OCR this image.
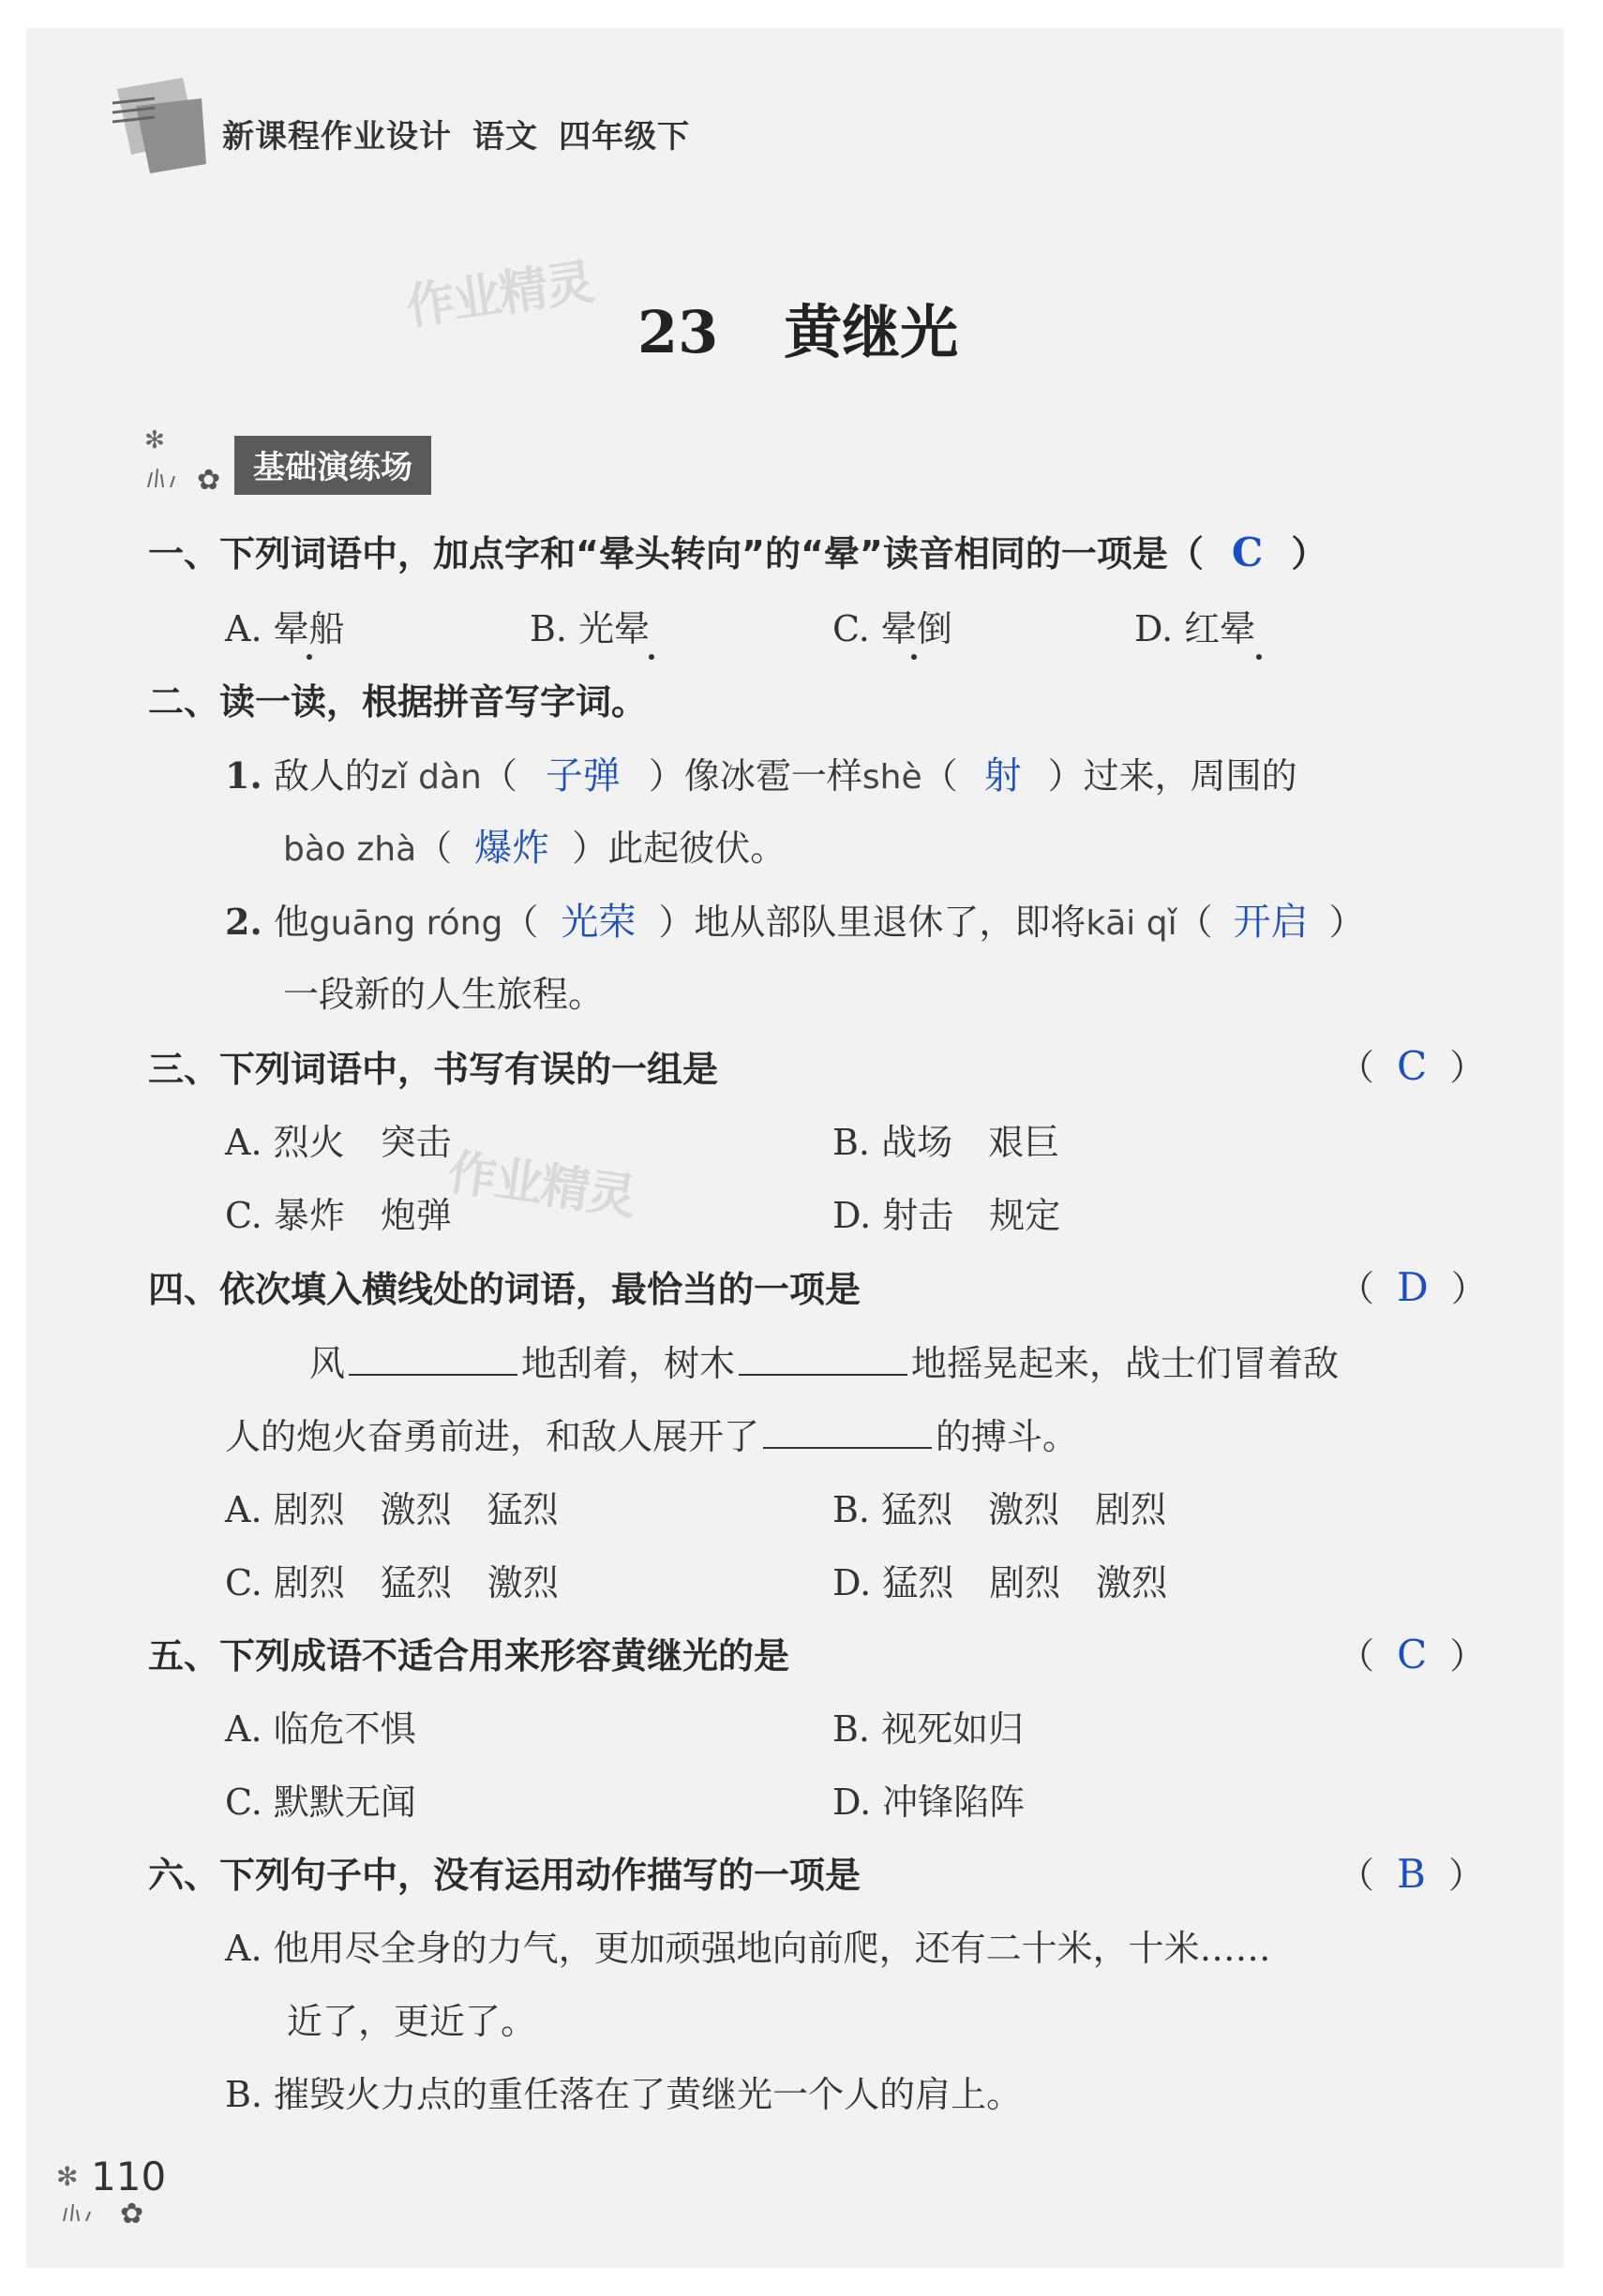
新课程作业设计 语文 四年级下
作业精灵 23 黄继光
✻
✿	基础演练场
一、下列词语中，加点字和“晕头转向”的“晕”读音相同的一项是（ C ）
A. 晕船	B. 光晕	C. 晕倒	D. 红晕
二、读一读，根据拼音写字词。
1. 敌人的zǐ dàn（ 子弹 ）像冰雹一样shè（ 射 ）过来，周围的
bào zhà（ 爆炸 ）此起彼伏。
2. 他guāng róng（ 光荣 ）地从部队里退休了，即将kāi qǐ（ 开启 ）
一段新的人生旅程。
三、下列词语中，书写有误的一组是	（ C ）
A. 烈火　突击	B. 战场　艰巨
C. 暴炸　炮弹	D. 射击　规定
作业精灵
四、依次填入横线处的词语，最恰当的一项是	（ D ）
风	地刮着，树木	地摇晃起来，战士们冒着敌
人的炮火奋勇前进，和敌人展开了	的搏斗。
A. 剧烈　激烈　猛烈	B. 猛烈　激烈　剧烈
C. 剧烈　猛烈　激烈	D. 猛烈　剧烈　激烈
五、下列成语不适合用来形容黄继光的是	（ C ）
A. 临危不惧	B. 视死如归
C. 默默无闻	D. 冲锋陷阵
六、下列句子中，没有运用动作描写的一项是	（ B ）
A. 他用尽全身的力气，更加顽强地向前爬，还有二十米，十米……
近了，更近了。
B. 摧毁火力点的重任落在了黄继光一个人的肩上。
✻
✿
110
